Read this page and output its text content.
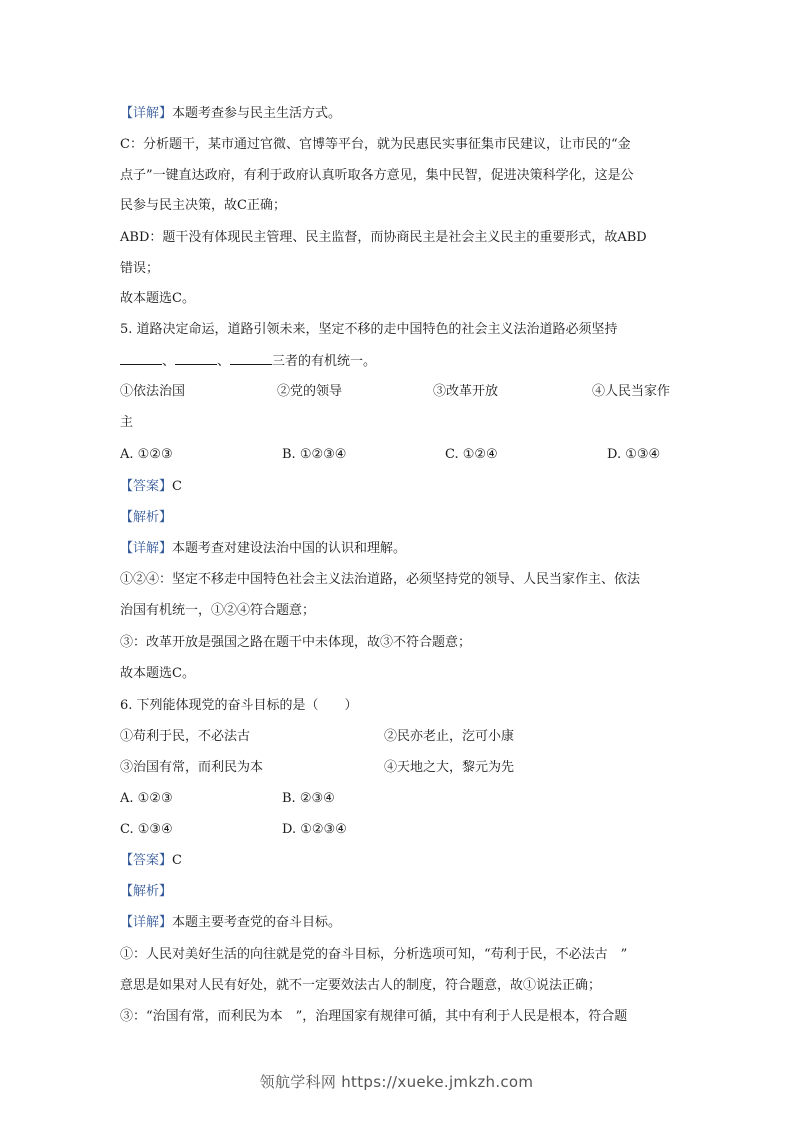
【详解】本题考查参与民主生活方式。
C：分析题干，某市通过官微、官博等平台，就为民惠民实事征集市民建议，让市民的“金
点子”一键直达政府，有利于政府认真听取各方意见，集中民智，促进决策科学化，这是公
民参与民主决策，故C正确；
ABD：题干没有体现民主管理、民主监督，而协商民主是社会主义民主的重要形式，故ABD
错误；
故本题选C。
5. 道路决定命运，道路引领未来，坚定不移的走中国特色的社会主义法治道路必须坚持
、	、	三者的有机统一。
①依法治国	②党的领导	③改革开放	④人民当家作
主
A. ①②③	B. ①②③④	C. ①②④	D. ①③④
【答案】C
【解析】
【详解】本题考查对建设法治中国的认识和理解。
①②④：坚定不移走中国特色社会主义法治道路，必须坚持党的领导、人民当家作主、依法
治国有机统一，①②④符合题意；
③：改革开放是强国之路在题干中未体现，故③不符合题意；
故本题选C。
6. 下列能体现党的奋斗目标的是（　　）
①苟利于民，不必法古	②民亦老止，汔可小康
③治国有常，而利民为本	④天地之大，黎元为先
A. ①②③	B. ②③④
C. ①③④	D. ①②③④
【答案】C
【解析】
【详解】本题主要考查党的奋斗目标。
①：人民对美好生活的向往就是党的奋斗目标，分析选项可知，“苟利于民，不必法古　”
意思是如果对人民有好处，就不一定要效法古人的制度，符合题意，故①说法正确；
③：“治国有常，而利民为本　”，治理国家有规律可循，其中有利于人民是根本，符合题
领航学科网 https://xueke.jmkzh.com
